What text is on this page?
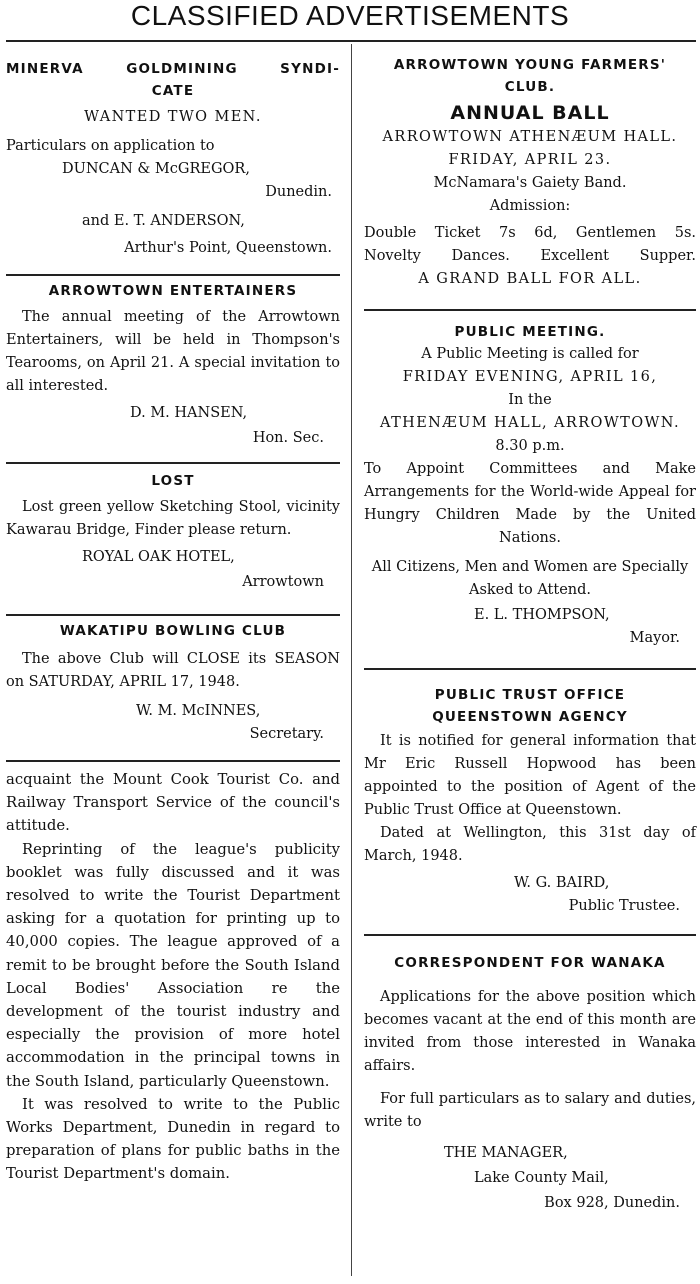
CLASSIFIED ADVERTISEMENTS
MINERVA GOLDMINING SYNDI-
CATE
WANTED TWO MEN.
Particulars on application to
DUNCAN & McGREGOR,
Dunedin.
and E. T. ANDERSON,
Arthur's Point, Queenstown.
ARROWTOWN ENTERTAINERS
The annual meeting of the Arrowtown Entertainers, will be held in Thompson's Tearooms, on April 21. A special invitation to all interested.
D. M. HANSEN,
Hon. Sec.
LOST
Lost green yellow Sketching Stool, vicinity Kawarau Bridge, Finder please return.
ROYAL OAK HOTEL,
Arrowtown
WAKATIPU BOWLING CLUB
The above Club will CLOSE its SEASON on SATURDAY, APRIL 17, 1948.
W. M. McINNES,
Secretary.
acquaint the Mount Cook Tourist Co. and Railway Transport Service of the council's attitude.
Reprinting of the league's publicity booklet was fully discussed and it was resolved to write the Tourist Department asking for a quotation for printing up to 40,000 copies. The league approved of a remit to be brought before the South Island Local Bodies' Association re the development of the tourist industry and especially the provision of more hotel accommodation in the principal towns in the South Island, particularly Queenstown.
It was resolved to write to the Public Works Department, Dunedin in regard to preparation of plans for public baths in the Tourist Department's domain.
ARROWTOWN YOUNG FARMERS'
CLUB.
ANNUAL BALL
ARROWTOWN ATHENÆUM HALL.
FRIDAY, APRIL 23.
McNamara's Gaiety Band.
Admission:
Double Ticket 7s 6d, Gentlemen 5s.
Novelty Dances. Excellent Supper.
A GRAND BALL FOR ALL.
PUBLIC MEETING.
A Public Meeting is called for
FRIDAY EVENING, APRIL 16,
In the
ATHENÆUM HALL, ARROWTOWN.
8.30 p.m.
To Appoint Committees and Make Arrangements for the World-wide Appeal for Hungry Children Made by the United Nations.
All Citizens, Men and Women are Specially Asked to Attend.
E. L. THOMPSON,
Mayor.
PUBLIC TRUST OFFICE
QUEENSTOWN AGENCY
It is notified for general information that Mr Eric Russell Hopwood has been appointed to the position of Agent of the Public Trust Office at Queenstown.
Dated at Wellington, this 31st day of March, 1948.
W. G. BAIRD,
Public Trustee.
CORRESPONDENT FOR WANAKA
Applications for the above position which becomes vacant at the end of this month are invited from those interested in Wanaka affairs.
For full particulars as to salary and duties, write to
THE MANAGER,
Lake County Mail,
Box 928, Dunedin.
